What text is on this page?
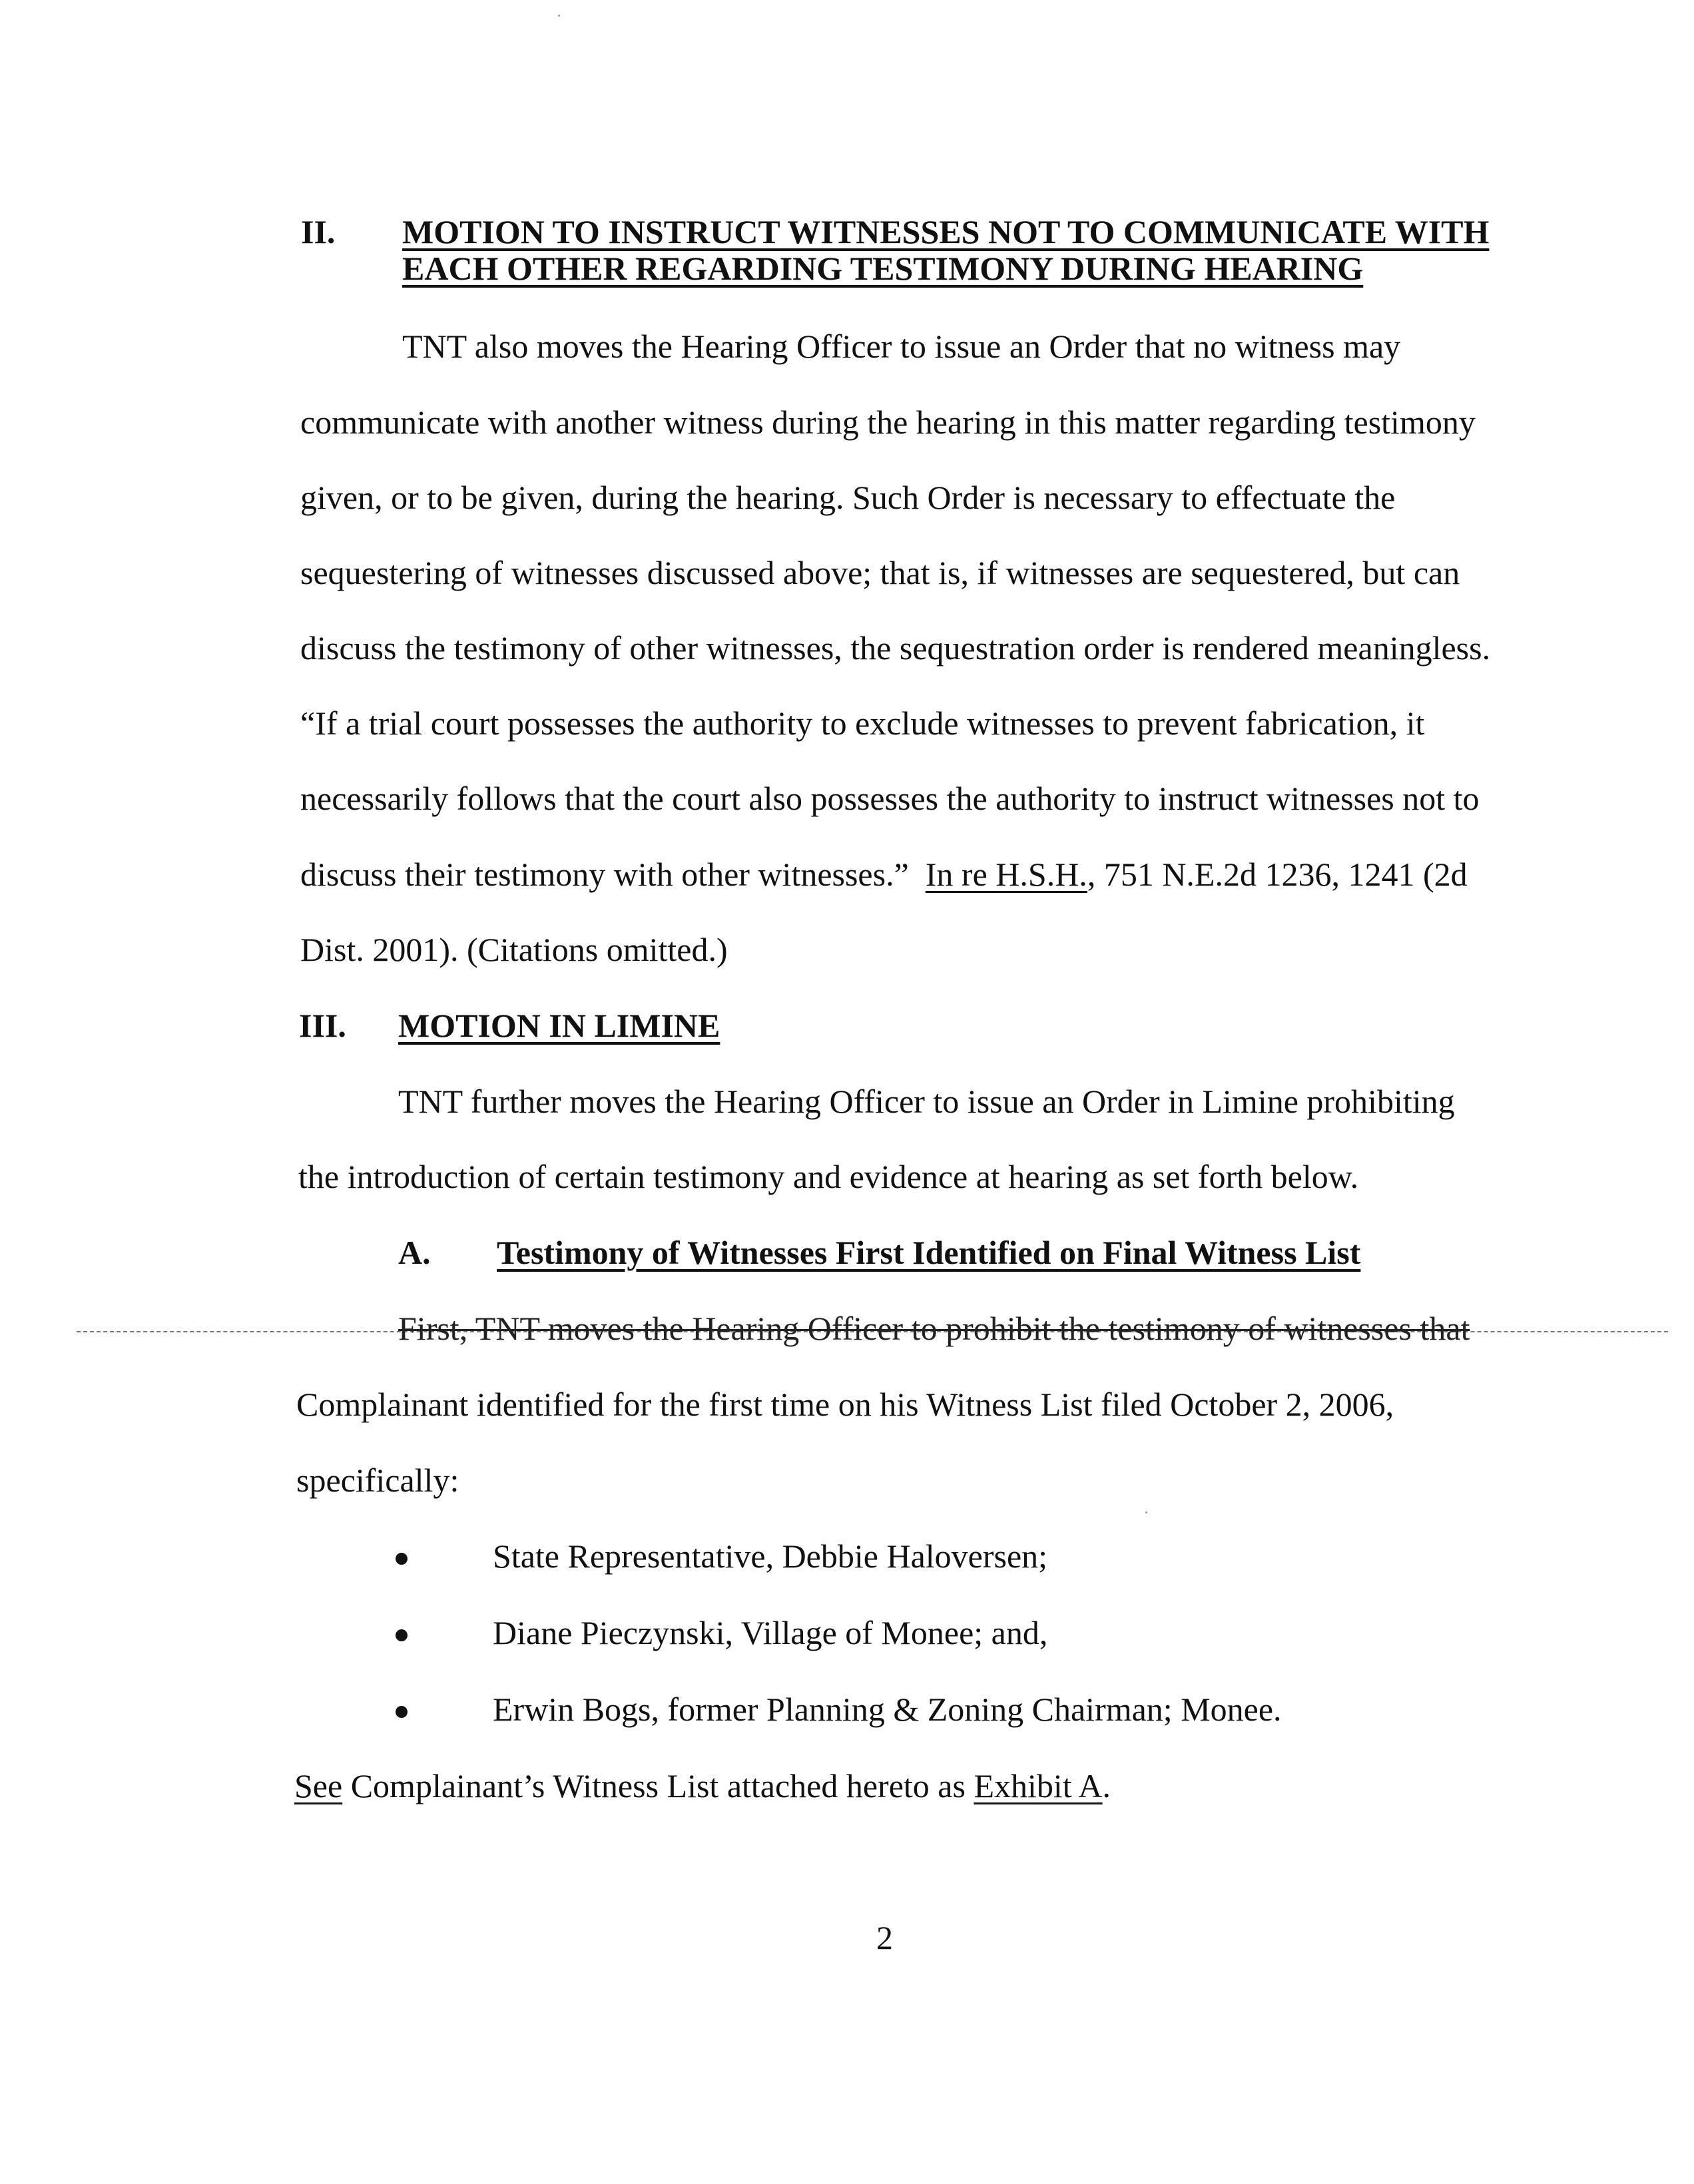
II. MOTION TO INSTRUCT WITNESSES NOT TO COMMUNICATE WITH
EACH OTHER REGARDING TESTIMONY DURING HEARING
TNT also moves the Hearing Officer to issue an Order that no witness may
communicate with another witness during the hearing in this matter regarding testimony
given, or to be given, during the hearing. Such Order is necessary to effectuate the
sequestering of witnesses discussed above; that is, if witnesses are sequestered, but can
discuss the testimony of other witnesses, the sequestration order is rendered meaningless.
“If a trial court possesses the authority to exclude witnesses to prevent fabrication, it
necessarily follows that the court also possesses the authority to instruct witnesses not to
discuss their testimony with other witnesses.”  In re H.S.H., 751 N.E.2d 1236, 1241 (2d
Dist. 2001). (Citations omitted.)
III. MOTION IN LIMINE
TNT further moves the Hearing Officer to issue an Order in Limine prohibiting
the introduction of certain testimony and evidence at hearing as set forth below.
A. Testimony of Witnesses First Identified on Final Witness List
First, TNT moves the Hearing Officer to prohibit the testimony of witnesses that
Complainant identified for the first time on his Witness List filed October 2, 2006,
specifically:
State Representative, Debbie Haloversen;
Diane Pieczynski, Village of Monee; and,
Erwin Bogs, former Planning & Zoning Chairman; Monee.
See Complainant’s Witness List attached hereto as Exhibit A.
2
